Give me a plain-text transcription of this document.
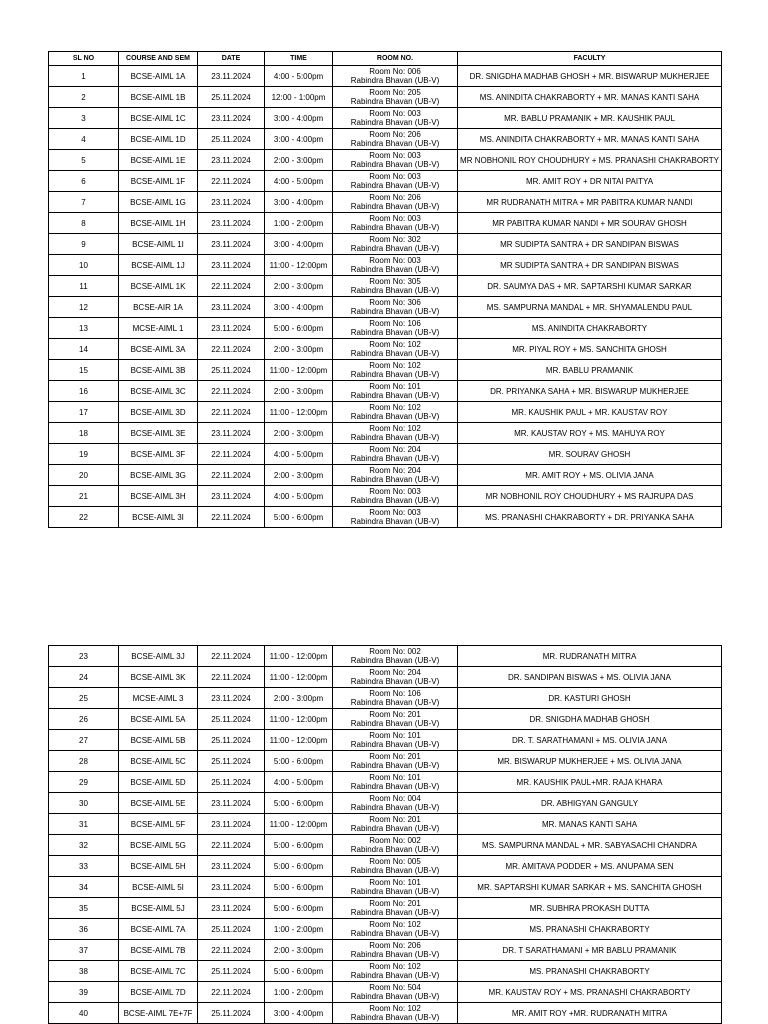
SL NO	COURSE AND SEM	DATE	TIME	ROOM NO.	FACULTY
1	BCSE-AIML 1A	23.11.2024	4:00 - 5:00pm	Room No: 006
Rabindra Bhavan (UB-V)	DR. SNIGDHA MADHAB GHOSH + MR. BISWARUP MUKHERJEE
2	BCSE-AIML 1B	25.11.2024	12:00 - 1:00pm	Room No: 205
Rabindra Bhavan (UB-V)	MS. ANINDITA CHAKRABORTY + MR. MANAS KANTI SAHA
3	BCSE-AIML 1C	23.11.2024	3:00 - 4:00pm	Room No: 003
Rabindra Bhavan (UB-V)	MR. BABLU PRAMANIK + MR. KAUSHIK PAUL
4	BCSE-AIML 1D	25.11.2024	3:00 - 4:00pm	Room No: 206
Rabindra Bhavan (UB-V)	MS. ANINDITA CHAKRABORTY + MR. MANAS KANTI SAHA
5	BCSE-AIML 1E	23.11.2024	2:00 - 3:00pm	Room No: 003
Rabindra Bhavan (UB-V)	MR NOBHONIL ROY CHOUDHURY + MS. PRANASHI CHAKRABORTY
6	BCSE-AIML 1F	22.11.2024	4:00 - 5:00pm	Room No: 003
Rabindra Bhavan (UB-V)	MR. AMIT ROY + DR NITAI PAITYA
7	BCSE-AIML 1G	23.11.2024	3:00 - 4:00pm	Room No: 206
Rabindra Bhavan (UB-V)	MR RUDRANATH MITRA + MR PABITRA KUMAR NANDI
8	BCSE-AIML 1H	23.11.2024	1:00 - 2:00pm	Room No: 003
Rabindra Bhavan (UB-V)	MR PABITRA KUMAR NANDI + MR SOURAV GHOSH
9	BCSE-AIML 1I	23.11.2024	3:00 - 4:00pm	Room No: 302
Rabindra Bhavan (UB-V)	MR SUDIPTA SANTRA + DR SANDIPAN BISWAS
10	BCSE-AIML 1J	23.11.2024	11:00 - 12:00pm	Room No: 003
Rabindra Bhavan (UB-V)	MR SUDIPTA SANTRA + DR SANDIPAN BISWAS
11	BCSE-AIML 1K	22.11.2024	2:00 - 3:00pm	Room No: 305
Rabindra Bhavan (UB-V)	DR. SAUMYA DAS + MR. SAPTARSHI KUMAR SARKAR
12	BCSE-AIR 1A	23.11.2024	3:00 - 4:00pm	Room No: 306
Rabindra Bhavan (UB-V)	MS. SAMPURNA MANDAL + MR. SHYAMALENDU PAUL
13	MCSE-AIML 1	23.11.2024	5:00 - 6:00pm	Room No: 106
Rabindra Bhavan (UB-V)	MS. ANINDITA CHAKRABORTY
14	BCSE-AIML 3A	22.11.2024	2:00 - 3:00pm	Room No: 102
Rabindra Bhavan (UB-V)	MR. PIYAL ROY + MS. SANCHITA GHOSH
15	BCSE-AIML 3B	25.11.2024	11:00 - 12:00pm	Room No: 102
Rabindra Bhavan (UB-V)	MR. BABLU PRAMANIK
16	BCSE-AIML 3C	22.11.2024	2:00 - 3:00pm	Room No: 101
Rabindra Bhavan (UB-V)	DR. PRIYANKA SAHA + MR. BISWARUP MUKHERJEE
17	BCSE-AIML 3D	22.11.2024	11:00 - 12:00pm	Room No: 102
Rabindra Bhavan (UB-V)	MR. KAUSHIK PAUL + MR. KAUSTAV ROY
18	BCSE-AIML 3E	23.11.2024	2:00 - 3:00pm	Room No: 102
Rabindra Bhavan (UB-V)	MR. KAUSTAV ROY + MS. MAHUYA ROY
19	BCSE-AIML 3F	22.11.2024	4:00 - 5:00pm	Room No: 204
Rabindra Bhavan (UB-V)	MR. SOURAV GHOSH
20	BCSE-AIML 3G	22.11.2024	2:00 - 3:00pm	Room No: 204
Rabindra Bhavan (UB-V)	MR. AMIT ROY + MS. OLIVIA JANA
21	BCSE-AIML 3H	23.11.2024	4:00 - 5:00pm	Room No: 003
Rabindra Bhavan (UB-V)	MR NOBHONIL ROY CHOUDHURY + MS RAJRUPA DAS
22	BCSE-AIML 3I	22.11.2024	5:00 - 6:00pm	Room No: 003
Rabindra Bhavan (UB-V)	MS. PRANASHI CHAKRABORTY + DR. PRIYANKA SAHA
23	BCSE-AIML 3J	22.11.2024	11:00 - 12:00pm	Room No: 002
Rabindra Bhavan (UB-V)	MR. RUDRANATH MITRA
24	BCSE-AIML 3K	22.11.2024	11:00 - 12:00pm	Room No: 204
Rabindra Bhavan (UB-V)	DR. SANDIPAN BISWAS + MS. OLIVIA JANA
25	MCSE-AIML 3	23.11.2024	2:00 - 3:00pm	Room No: 106
Rabindra Bhavan (UB-V)	DR. KASTURI GHOSH
26	BCSE-AIML 5A	25.11.2024	11:00 - 12:00pm	Room No: 201
Rabindra Bhavan (UB-V)	DR. SNIGDHA MADHAB GHOSH
27	BCSE-AIML 5B	25.11.2024	11:00 - 12:00pm	Room No: 101
Rabindra Bhavan (UB-V)	DR. T. SARATHAMANI + MS. OLIVIA JANA
28	BCSE-AIML 5C	25.11.2024	5:00 - 6:00pm	Room No: 201
Rabindra Bhavan (UB-V)	MR. BISWARUP MUKHERJEE + MS. OLIVIA JANA
29	BCSE-AIML 5D	25.11.2024	4:00 - 5:00pm	Room No: 101
Rabindra Bhavan (UB-V)	MR. KAUSHIK PAUL+MR. RAJA KHARA
30	BCSE-AIML 5E	23.11.2024	5:00 - 6:00pm	Room No: 004
Rabindra Bhavan (UB-V)	DR. ABHIGYAN GANGULY
31	BCSE-AIML 5F	23.11.2024	11:00 - 12:00pm	Room No: 201
Rabindra Bhavan (UB-V)	MR. MANAS KANTI SAHA
32	BCSE-AIML 5G	22.11.2024	5:00 - 6:00pm	Room No: 002
Rabindra Bhavan (UB-V)	MS. SAMPURNA MANDAL + MR. SABYASACHI CHANDRA
33	BCSE-AIML 5H	23.11.2024	5:00 - 6:00pm	Room No: 005
Rabindra Bhavan (UB-V)	MR. AMITAVA PODDER + MS. ANUPAMA SEN
34	BCSE-AIML 5I	23.11.2024	5:00 - 6:00pm	Room No: 101
Rabindra Bhavan (UB-V)	MR. SAPTARSHI KUMAR SARKAR + MS. SANCHITA GHOSH
35	BCSE-AIML 5J	23.11.2024	5:00 - 6:00pm	Room No: 201
Rabindra Bhavan (UB-V)	MR. SUBHRA PROKASH DUTTA
36	BCSE-AIML 7A	25.11.2024	1:00 - 2:00pm	Room No: 102
Rabindra Bhavan (UB-V)	MS. PRANASHI CHAKRABORTY
37	BCSE-AIML 7B	22.11.2024	2:00 - 3:00pm	Room No: 206
Rabindra Bhavan (UB-V)	DR. T SARATHAMANI + MR BABLU PRAMANIK
38	BCSE-AIML 7C	25.11.2024	5:00 - 6:00pm	Room No: 102
Rabindra Bhavan (UB-V)	MS. PRANASHI CHAKRABORTY
39	BCSE-AIML 7D	22.11.2024	1:00 - 2:00pm	Room No: 504
Rabindra Bhavan (UB-V)	MR. KAUSTAV ROY + MS. PRANASHI CHAKRABORTY
40	BCSE-AIML 7E+7F	25.11.2024	3:00 - 4:00pm	Room No: 102
Rabindra Bhavan (UB-V)	MR. AMIT ROY +MR. RUDRANATH MITRA
